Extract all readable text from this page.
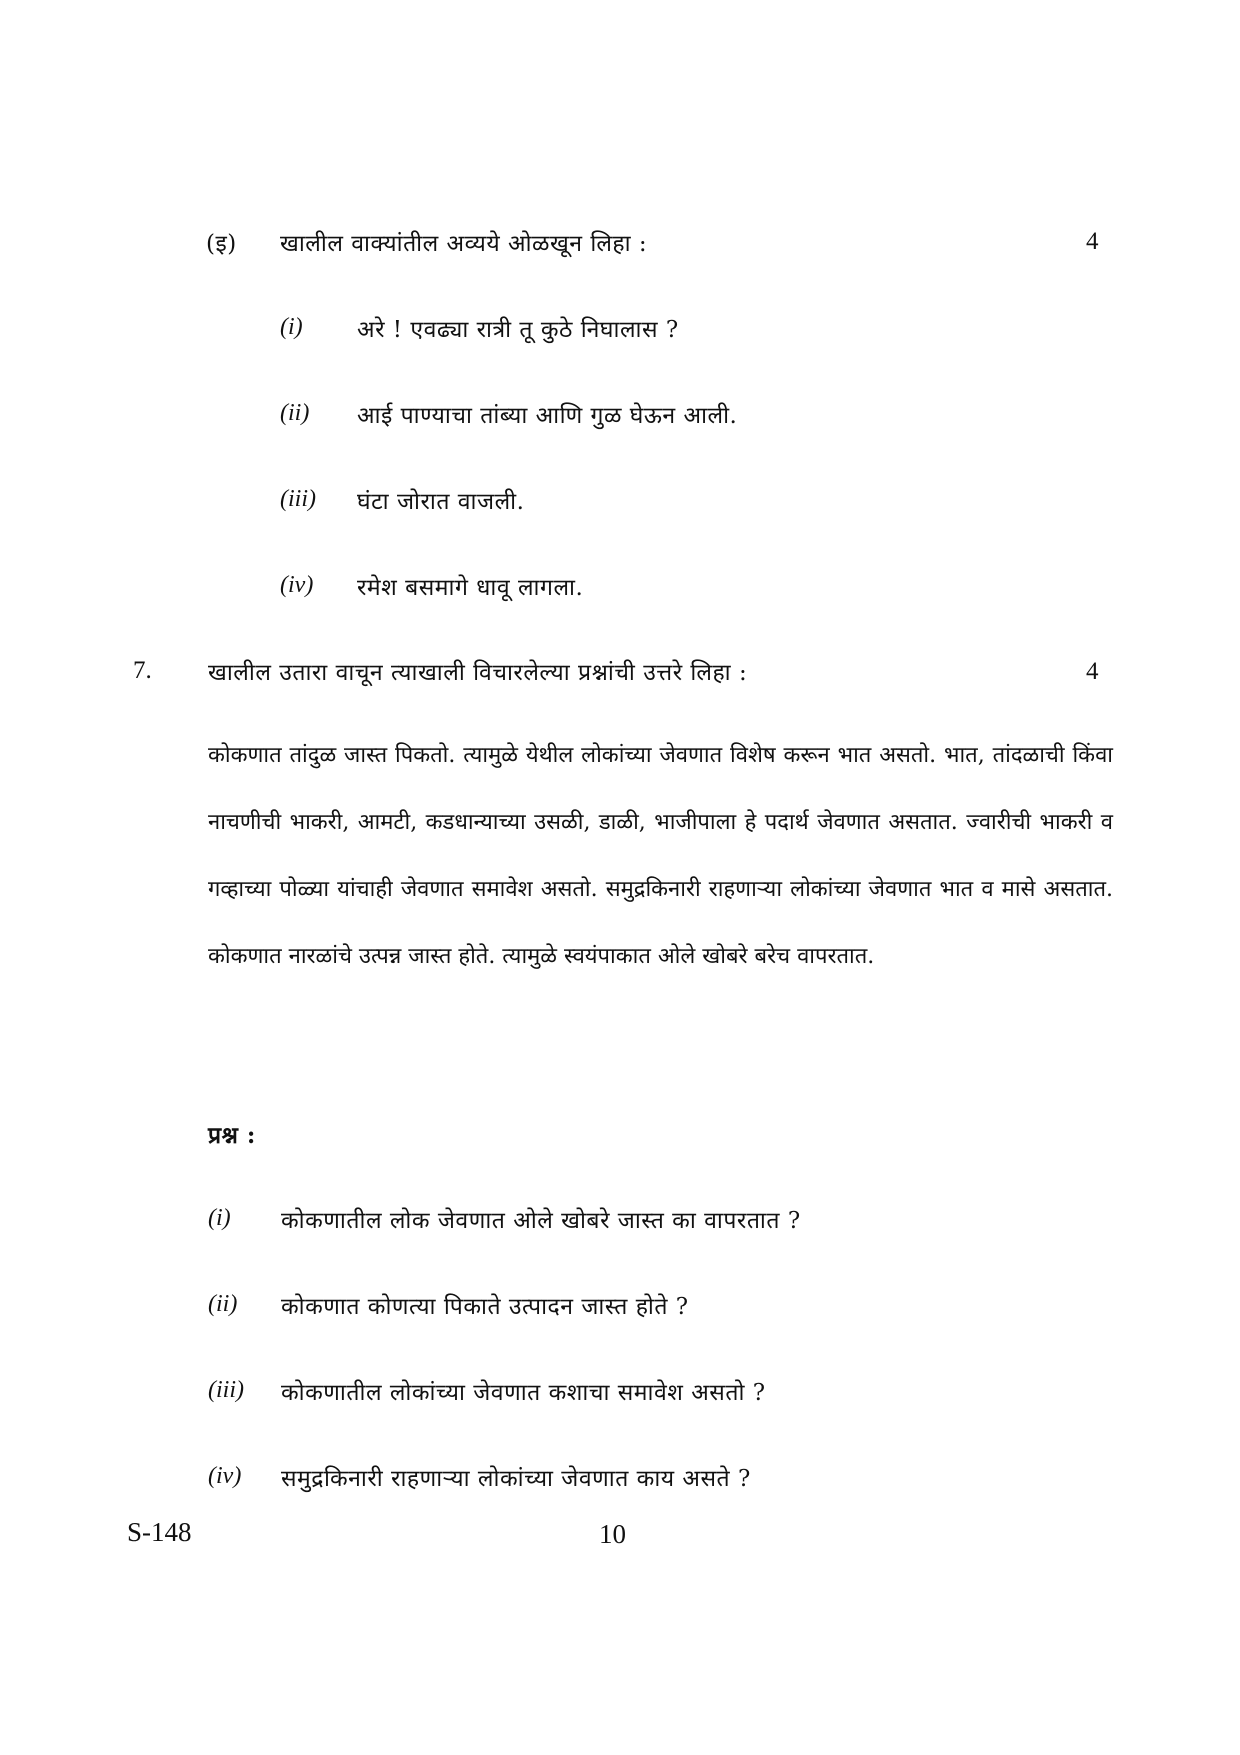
(इ) खालील वाक्यांतील अव्यये ओळखून लिहा :	4
(i) अरे ! एवढ्या रात्री तू कुठे निघालास ?
(ii) आई पाण्याचा तांब्या आणि गुळ घेऊन आली.
(iii) घंटा जोरात वाजली.
(iv) रमेश बसमागे धावू लागला.
7. खालील उतारा वाचून त्याखाली विचारलेल्या प्रश्नांची उत्तरे लिहा :	4
कोकणात तांदुळ जास्त पिकतो. त्यामुळे येथील लोकांच्या जेवणात विशेष करून भात असतो. भात, तांदळाची किंवा नाचणीची भाकरी, आमटी, कडधान्याच्या उसळी, डाळी, भाजीपाला हे पदार्थ जेवणात असतात. ज्वारीची भाकरी व गव्हाच्या पोळ्या यांचाही जेवणात समावेश असतो. समुद्रकिनारी राहणाऱ्या लोकांच्या जेवणात भात व मासे असतात. कोकणात नारळांचे उत्पन्न जास्त होते. त्यामुळे स्वयंपाकात ओले खोबरे बरेच वापरतात.
प्रश्न :
(i) कोकणातील लोक जेवणात ओले खोबरे जास्त का वापरतात ?
(ii) कोकणात कोणत्या पिकाते उत्पादन जास्त होते ?
(iii) कोकणातील लोकांच्या जेवणात कशाचा समावेश असतो ?
(iv) समुद्रकिनारी राहणाऱ्या लोकांच्या जेवणात काय असते ?
S-148	10
